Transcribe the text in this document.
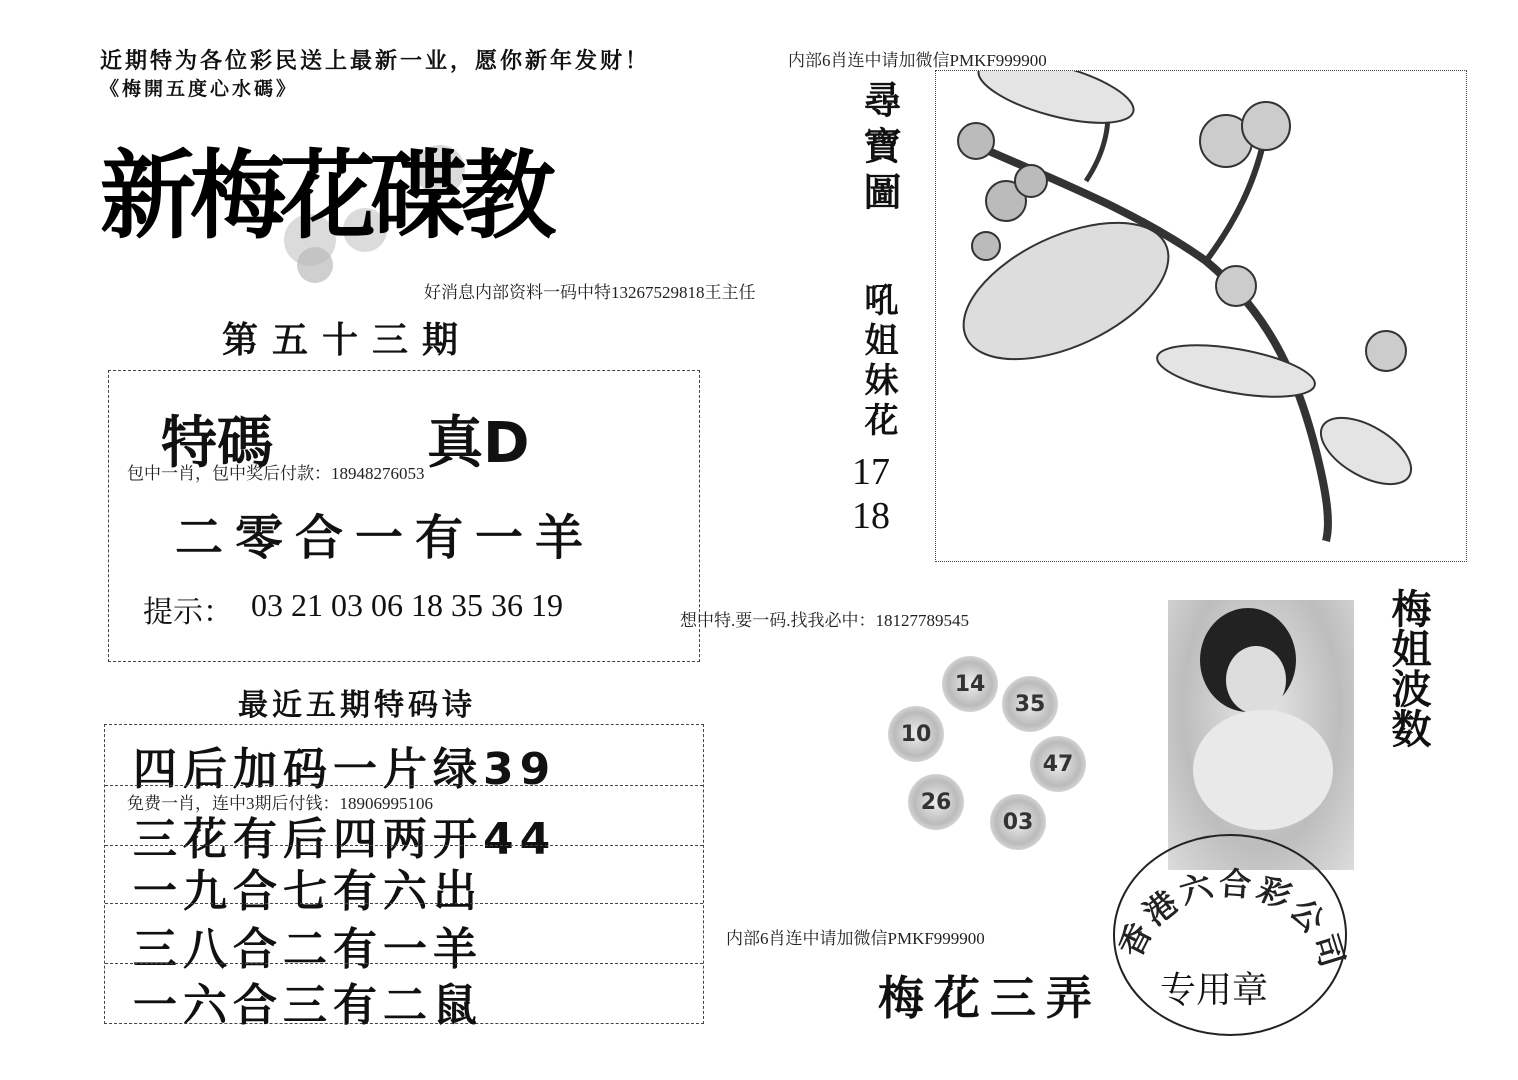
近期特为各位彩民送上最新一业，愿你新年发财！	内部6肖连中请加微信PMKF999900
《梅開五度心水碼》
新梅花碟教
好消息内部资料一码中特13267529818王主任
第五十三期
特碼	真D
包中一肖，包中奖后付款：18948276053
二零合一有一羊
提示： 03 21 03 06 18 35 36 19	想中特.要一码.找我必中：18127789545
最近五期特码诗
四后加码一片绿39
免费一肖，连中3期后付钱：18906995106
三花有后四两开44
一九合七有六出
三八合二有一羊
一六合三有二鼠
尋寶圖
吼姐妹花
17
18
14
35
10
47
26
03
梅姐波数
内部6肖连中请加微信PMKF999900
梅花三弄
香港六合彩公司
专用章
